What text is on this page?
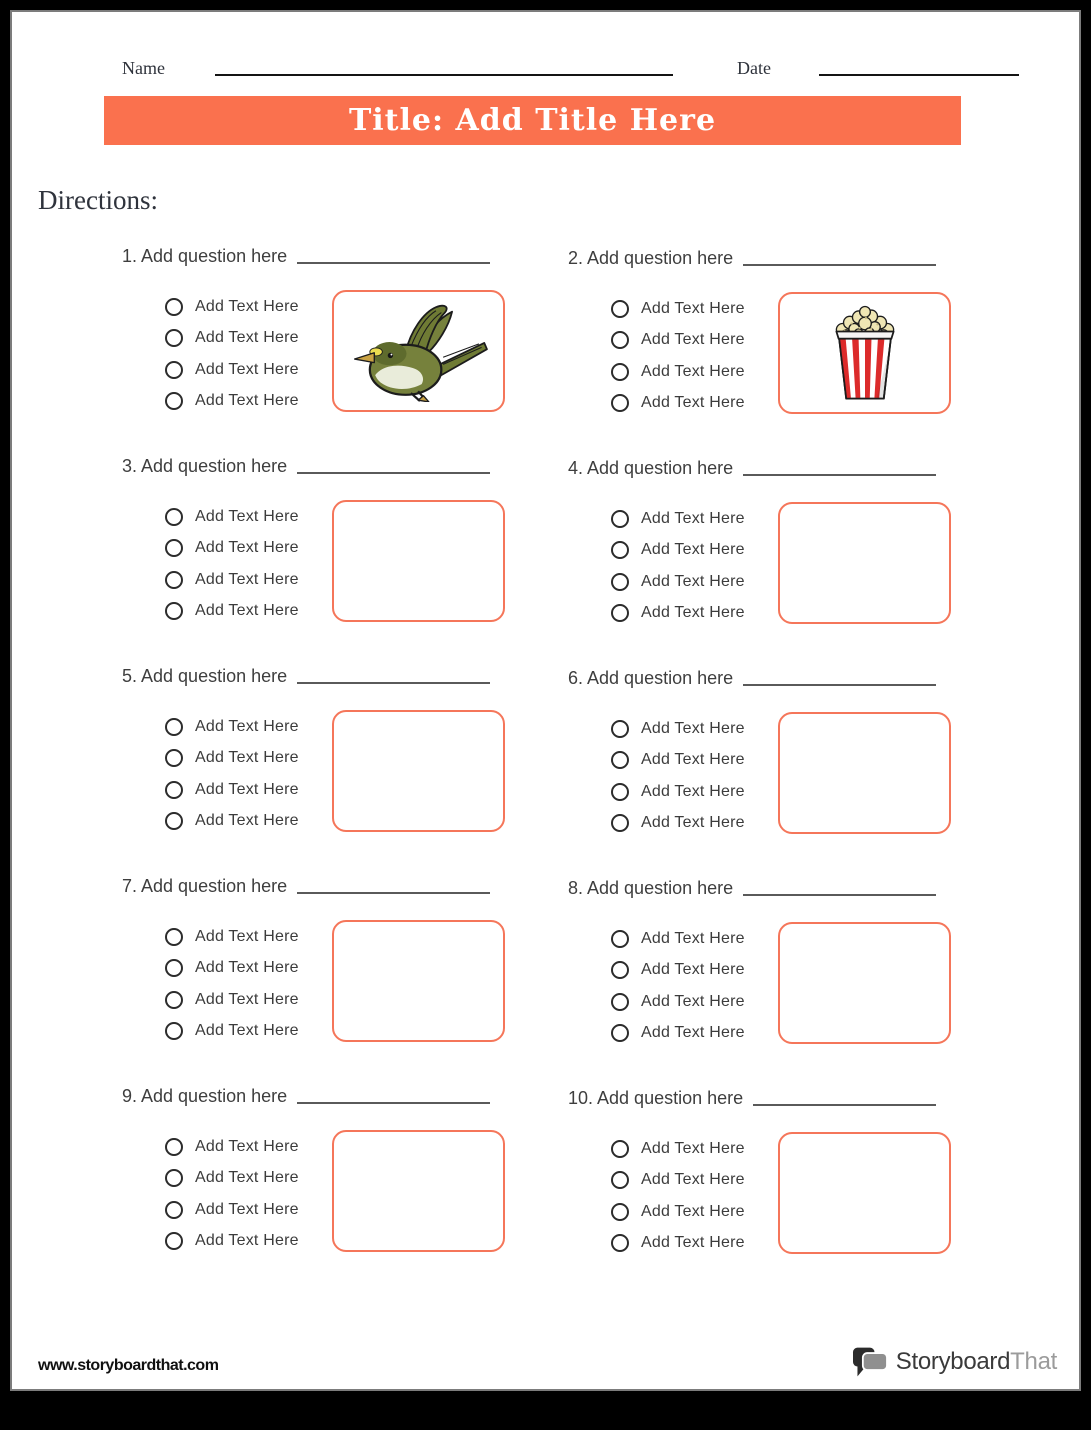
Name	Date
Title: Add Title Here
Directions:
1. Add question here
Add Text Here
Add Text Here
Add Text Here
Add Text Here
2. Add question here
Add Text Here
Add Text Here
Add Text Here
Add Text Here
3. Add question here
Add Text Here
Add Text Here
Add Text Here
Add Text Here
4. Add question here
Add Text Here
Add Text Here
Add Text Here
Add Text Here
5. Add question here
Add Text Here
Add Text Here
Add Text Here
Add Text Here
6. Add question here
Add Text Here
Add Text Here
Add Text Here
Add Text Here
7. Add question here
Add Text Here
Add Text Here
Add Text Here
Add Text Here
8. Add question here
Add Text Here
Add Text Here
Add Text Here
Add Text Here
9. Add question here
Add Text Here
Add Text Here
Add Text Here
Add Text Here
10. Add question here
Add Text Here
Add Text Here
Add Text Here
Add Text Here
www.storyboardthat.com	StoryboardThat
